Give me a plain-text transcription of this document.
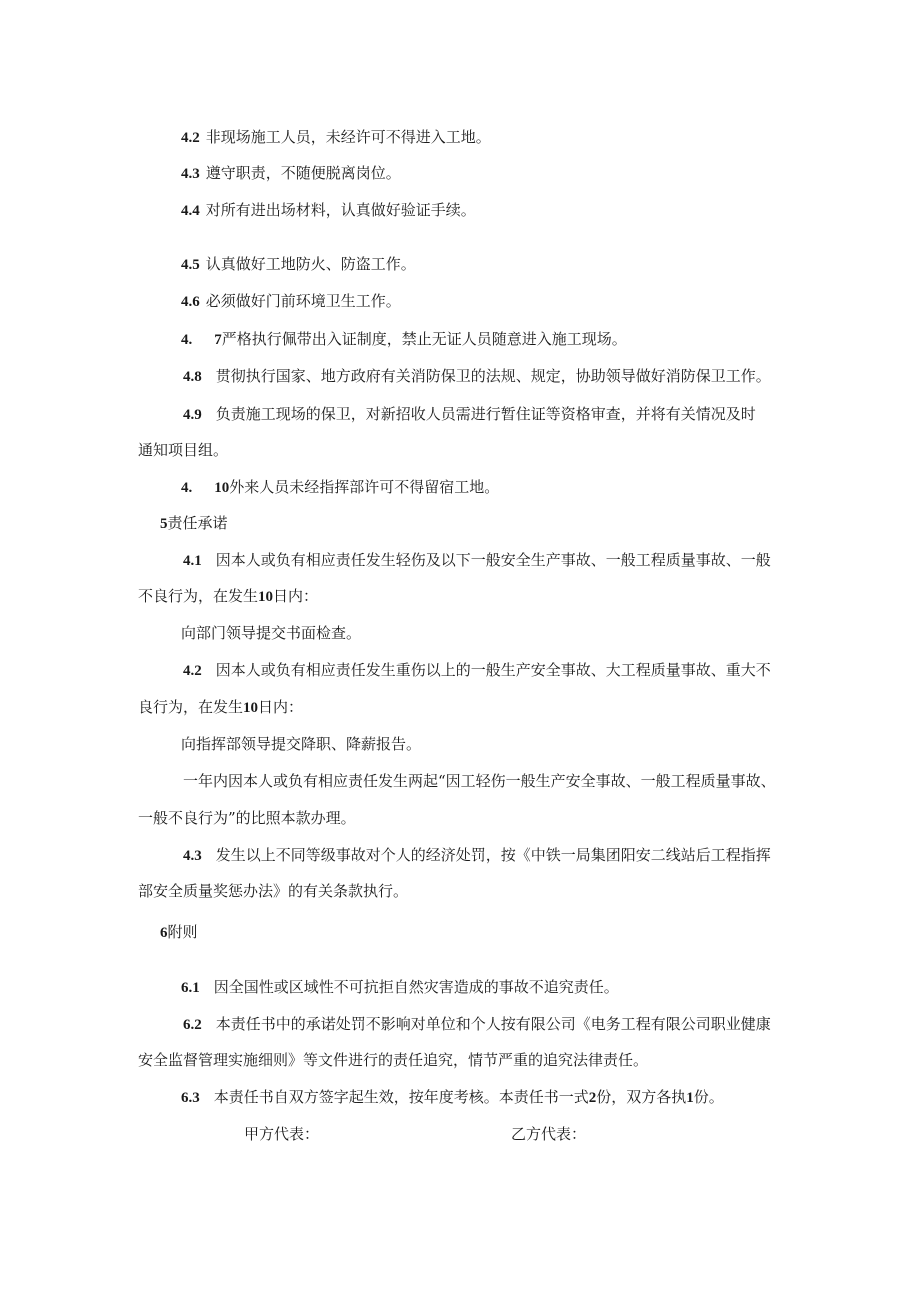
4.2 非现场施工人员，未经许可不得进入工地。
4.3 遵守职责，不随便脱离岗位。
4.4 对所有进出场材料，认真做好验证手续。
4.5 认真做好工地防火、防盗工作。
4.6 必须做好门前环境卫生工作。
4. 7严格执行佩带出入证制度，禁止无证人员随意进入施工现场。
4.8 贯彻执行国家、地方政府有关消防保卫的法规、规定，协助领导做好消防保卫工作。
4.9 负责施工现场的保卫，对新招收人员需进行暂住证等资格审查，并将有关情况及时
通知项目组。
4. 10外来人员未经指挥部许可不得留宿工地。
5责任承诺
4.1 因本人或负有相应责任发生轻伤及以下一般安全生产事故、一般工程质量事故、一般
不良行为，在发生10日内：
向部门领导提交书面检查。
4.2 因本人或负有相应责任发生重伤以上的一般生产安全事故、大工程质量事故、重大不
良行为，在发生10日内：
向指挥部领导提交降职、降薪报告。
一年内因本人或负有相应责任发生两起“因工轻伤一般生产安全事故、一般工程质量事故、
一般不良行为”的比照本款办理。
4.3 发生以上不同等级事故对个人的经济处罚，按《中铁一局集团阳安二线站后工程指挥
部安全质量奖惩办法》的有关条款执行。
6附则
6.1 因全国性或区域性不可抗拒自然灾害造成的事故不追究责任。
6.2 本责任书中的承诺处罚不影响对单位和个人按有限公司《电务工程有限公司职业健康
安全监督管理实施细则》等文件进行的责任追究，情节严重的追究法律责任。
6.3 本责任书自双方签字起生效，按年度考核。本责任书一式2份，双方各执1份。
甲方代表：	乙方代表：
